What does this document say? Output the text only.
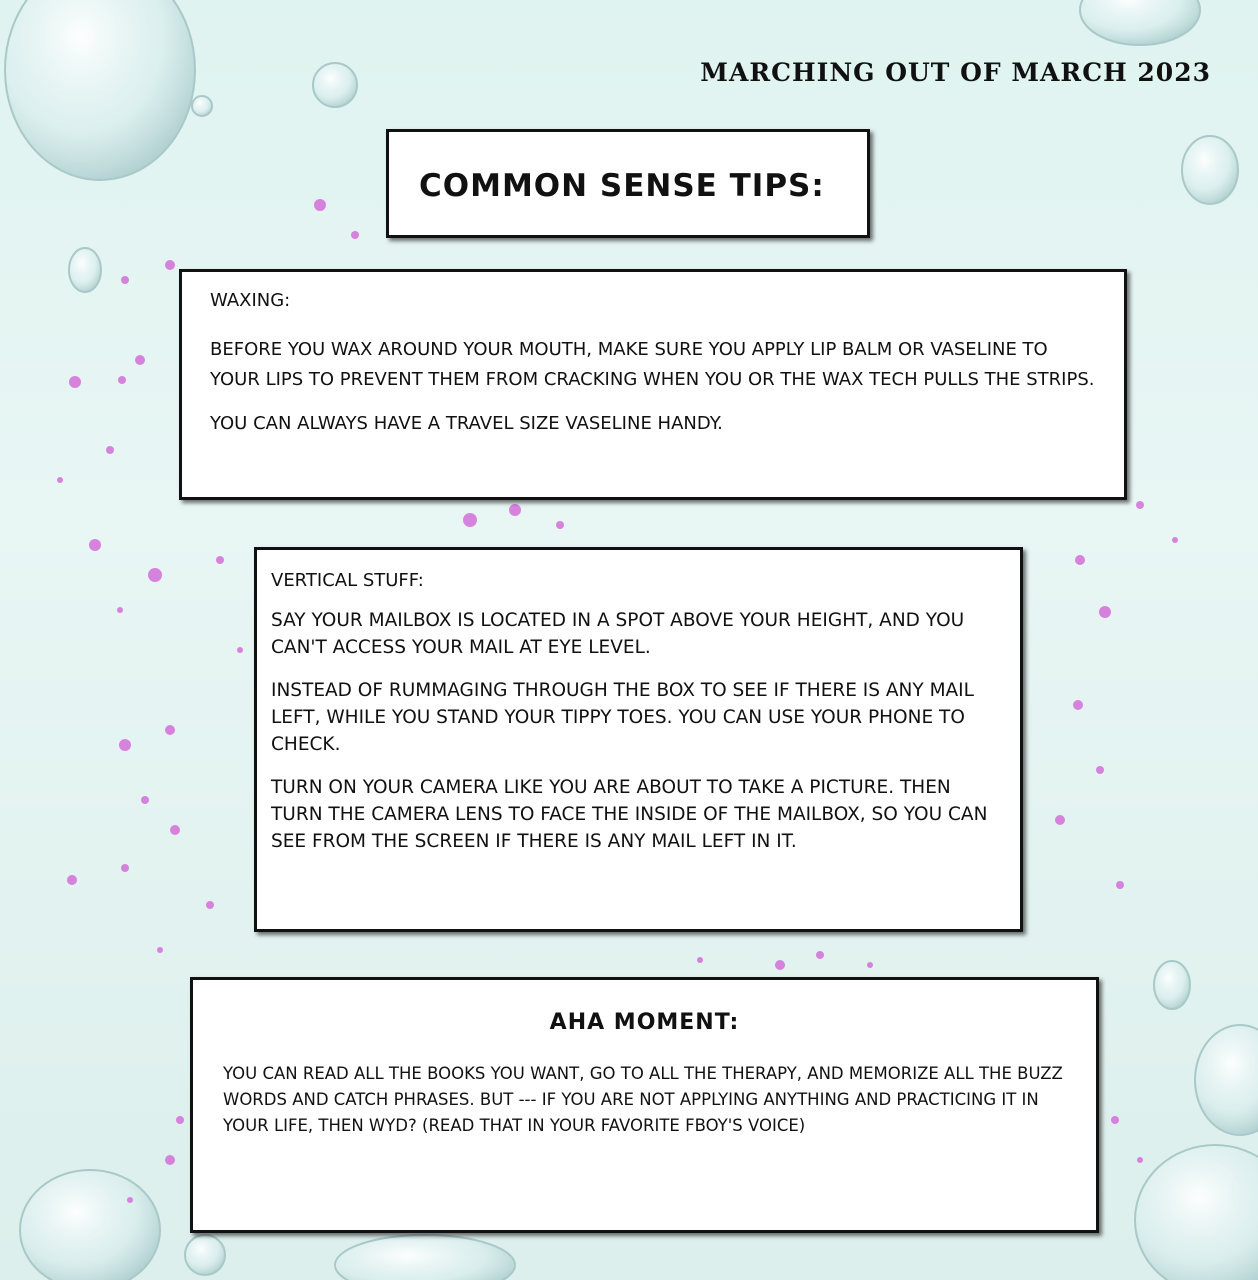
MARCHING OUT OF MARCH 2023
COMMON SENSE TIPS:
WAXING:
BEFORE YOU WAX AROUND YOUR MOUTH, MAKE SURE YOU APPLY LIP BALM OR VASELINE TO YOUR LIPS TO PREVENT THEM FROM CRACKING WHEN YOU OR THE WAX TECH PULLS THE STRIPS.
YOU CAN ALWAYS HAVE A TRAVEL SIZE VASELINE HANDY.
VERTICAL STUFF:
SAY YOUR MAILBOX IS LOCATED IN A SPOT ABOVE YOUR HEIGHT, AND YOU CAN'T ACCESS YOUR MAIL AT EYE LEVEL.
INSTEAD OF RUMMAGING THROUGH THE BOX TO SEE IF THERE IS ANY MAIL LEFT, WHILE YOU STAND YOUR TIPPY TOES. YOU CAN USE YOUR PHONE TO CHECK.
TURN ON YOUR CAMERA LIKE YOU ARE ABOUT TO TAKE A PICTURE. THEN TURN THE CAMERA LENS TO FACE THE INSIDE OF THE MAILBOX, SO YOU CAN SEE FROM THE SCREEN IF THERE IS ANY MAIL LEFT IN IT.
AHA MOMENT:
YOU CAN READ ALL THE BOOKS YOU WANT, GO TO ALL THE THERAPY, AND MEMORIZE ALL THE BUZZ WORDS AND CATCH PHRASES. BUT --- IF YOU ARE NOT APPLYING ANYTHING AND PRACTICING IT IN YOUR LIFE, THEN WYD? (READ THAT IN YOUR FAVORITE FBOY'S VOICE)
